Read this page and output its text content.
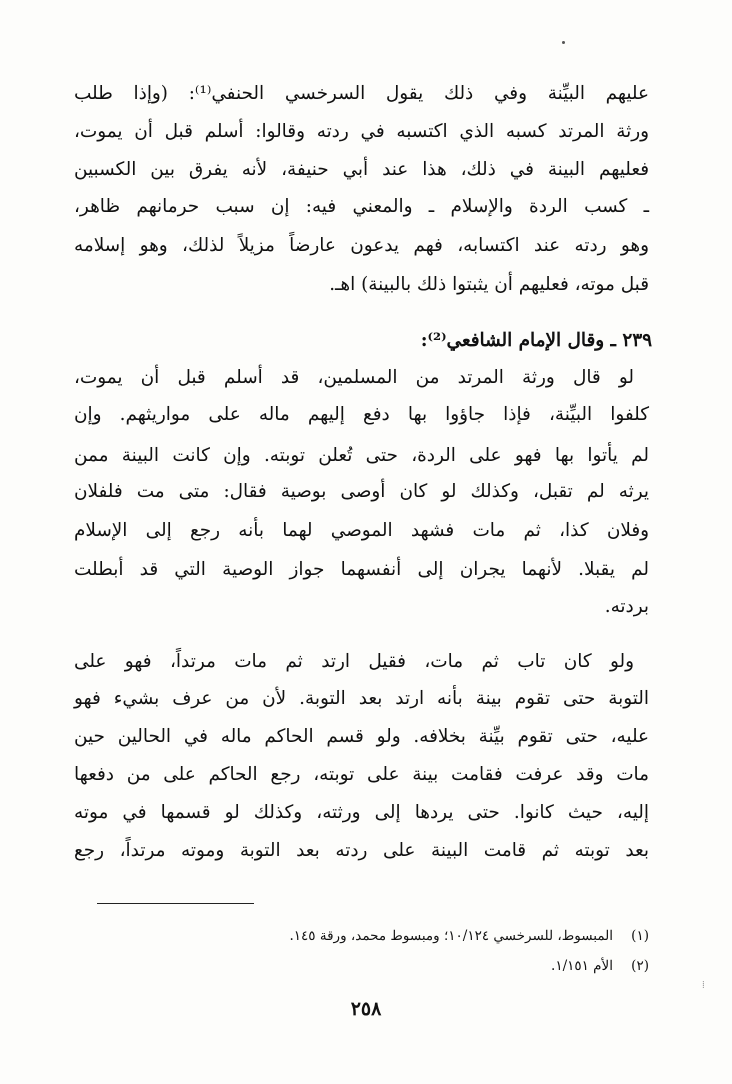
عليهم البيِّنة وفي ذلك يقول السرخسي الحنفي⁽¹⁾: (وإذا طلب
ورثة المرتد كسبه الذي اكتسبه في ردته وقالوا: أسلم قبل أن يموت،
فعليهم البينة في ذلك، هذا عند أبي حنيفة، لأنه يفرق بين الكسبين
ـ كسب الردة والإسلام ـ والمعني فيه: إن سبب حرمانهم ظاهر،
وهو ردته عند اكتسابه، فهم يدعون عارضاً مزيلاً لذلك، وهو إسلامه
قبل موته، فعليهم أن يثبتوا ذلك بالبينة) اهـ.
٢٣٩ ـ وقال الإمام الشافعي⁽²⁾:
لو قال ورثة المرتد من المسلمين، قد أسلم قبل أن يموت،
كلفوا البيِّنة، فإذا جاؤوا بها دفع إليهم ماله على مواريثهم. وإن
لم يأتوا بها فهو على الردة، حتى تُعلن توبته. وإن كانت البينة ممن
يرثه لم تقبل، وكذلك لو كان أوصى بوصية فقال: متى مت فلفلان
وفلان كذا، ثم مات فشهد الموصي لهما بأنه رجع إلى الإسلام
لم يقبلا. لأنهما يجران إلى أنفسهما جواز الوصية التي قد أبطلت
بردته.
ولو كان تاب ثم مات، فقيل ارتد ثم مات مرتداً، فهو على
التوبة حتى تقوم بينة بأنه ارتد بعد التوبة. لأن من عرف بشيء فهو
عليه، حتى تقوم بيِّنة بخلافه. ولو قسم الحاكم ماله في الحالين حين
مات وقد عرفت فقامت بينة على توبته، رجع الحاكم على من دفعها
إليه، حيث كانوا. حتى يردها إلى ورثته، وكذلك لو قسمها في موته
بعد توبته ثم قامت البينة على ردته بعد التوبة وموته مرتداً، رجع
(١)المبسوط، للسرخسي ١٠/١٢٤؛ ومبسوط محمد، ورقة ١٤٥.
(٢)الأم ١/١٥١.
⁞
٢٥٨
